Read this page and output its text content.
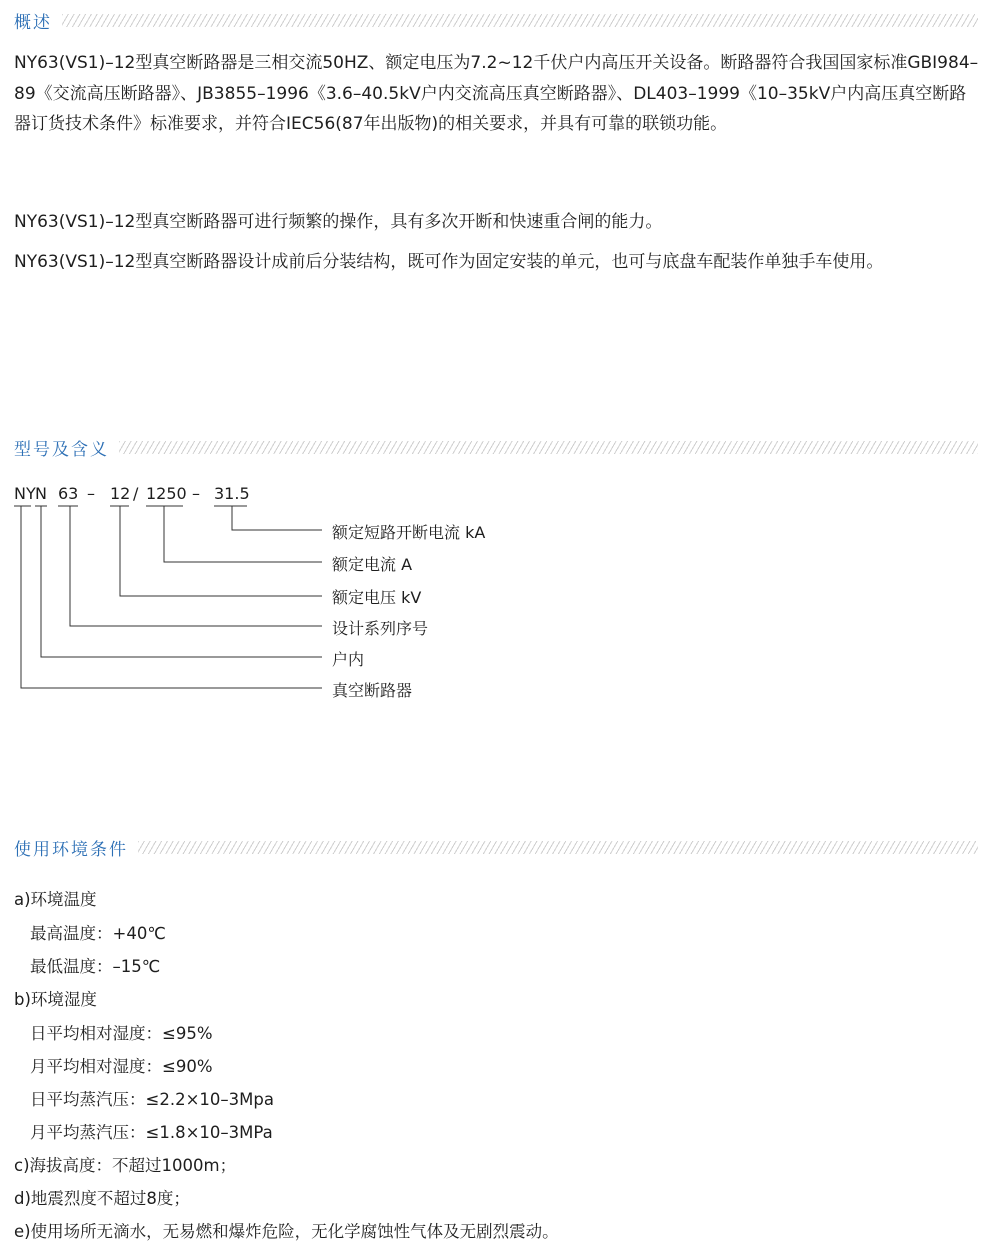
概述

NY63(VS1)–12型真空断路器是三相交流50HZ、额定电压为7.2~12千伏户内高压开关设备。断路器符合我国国家标准GBI984–89《交流高压断路器》、JB3855–1996《3.6–40.5kV户内交流高压真空断路器》、DL403–1999《10–35kV户内高压真空断路器订货技术条件》标准要求，并符合IEC56(87年出版物)的相关要求，并具有可靠的联锁功能。

NY63(VS1)–12型真空断路器可进行频繁的操作，具有多次开断和快速重合闸的能力。

NY63(VS1)–12型真空断路器设计成前后分装结构，既可作为固定安装的单元，也可与底盘车配装作单独手车使用。

型号及含义
NY N 63 – 12 / 1250 – 31.5
额定短路开断电流 kA
额定电流 A
额定电压 kV
设计系列序号
户内
真空断路器
使用环境条件
a)环境温度
最高温度：+40℃
最低温度：–15℃
b)环境湿度
日平均相对湿度：≤95%
月平均相对湿度：≤90%
日平均蒸汽压：≤2.2×10–3Mpa
月平均蒸汽压：≤1.8×10–3MPa
c)海拔高度：不超过1000m；
d)地震烈度不超过8度；
e)使用场所无滴水，无易燃和爆炸危险，无化学腐蚀性气体及无剧烈震动。
